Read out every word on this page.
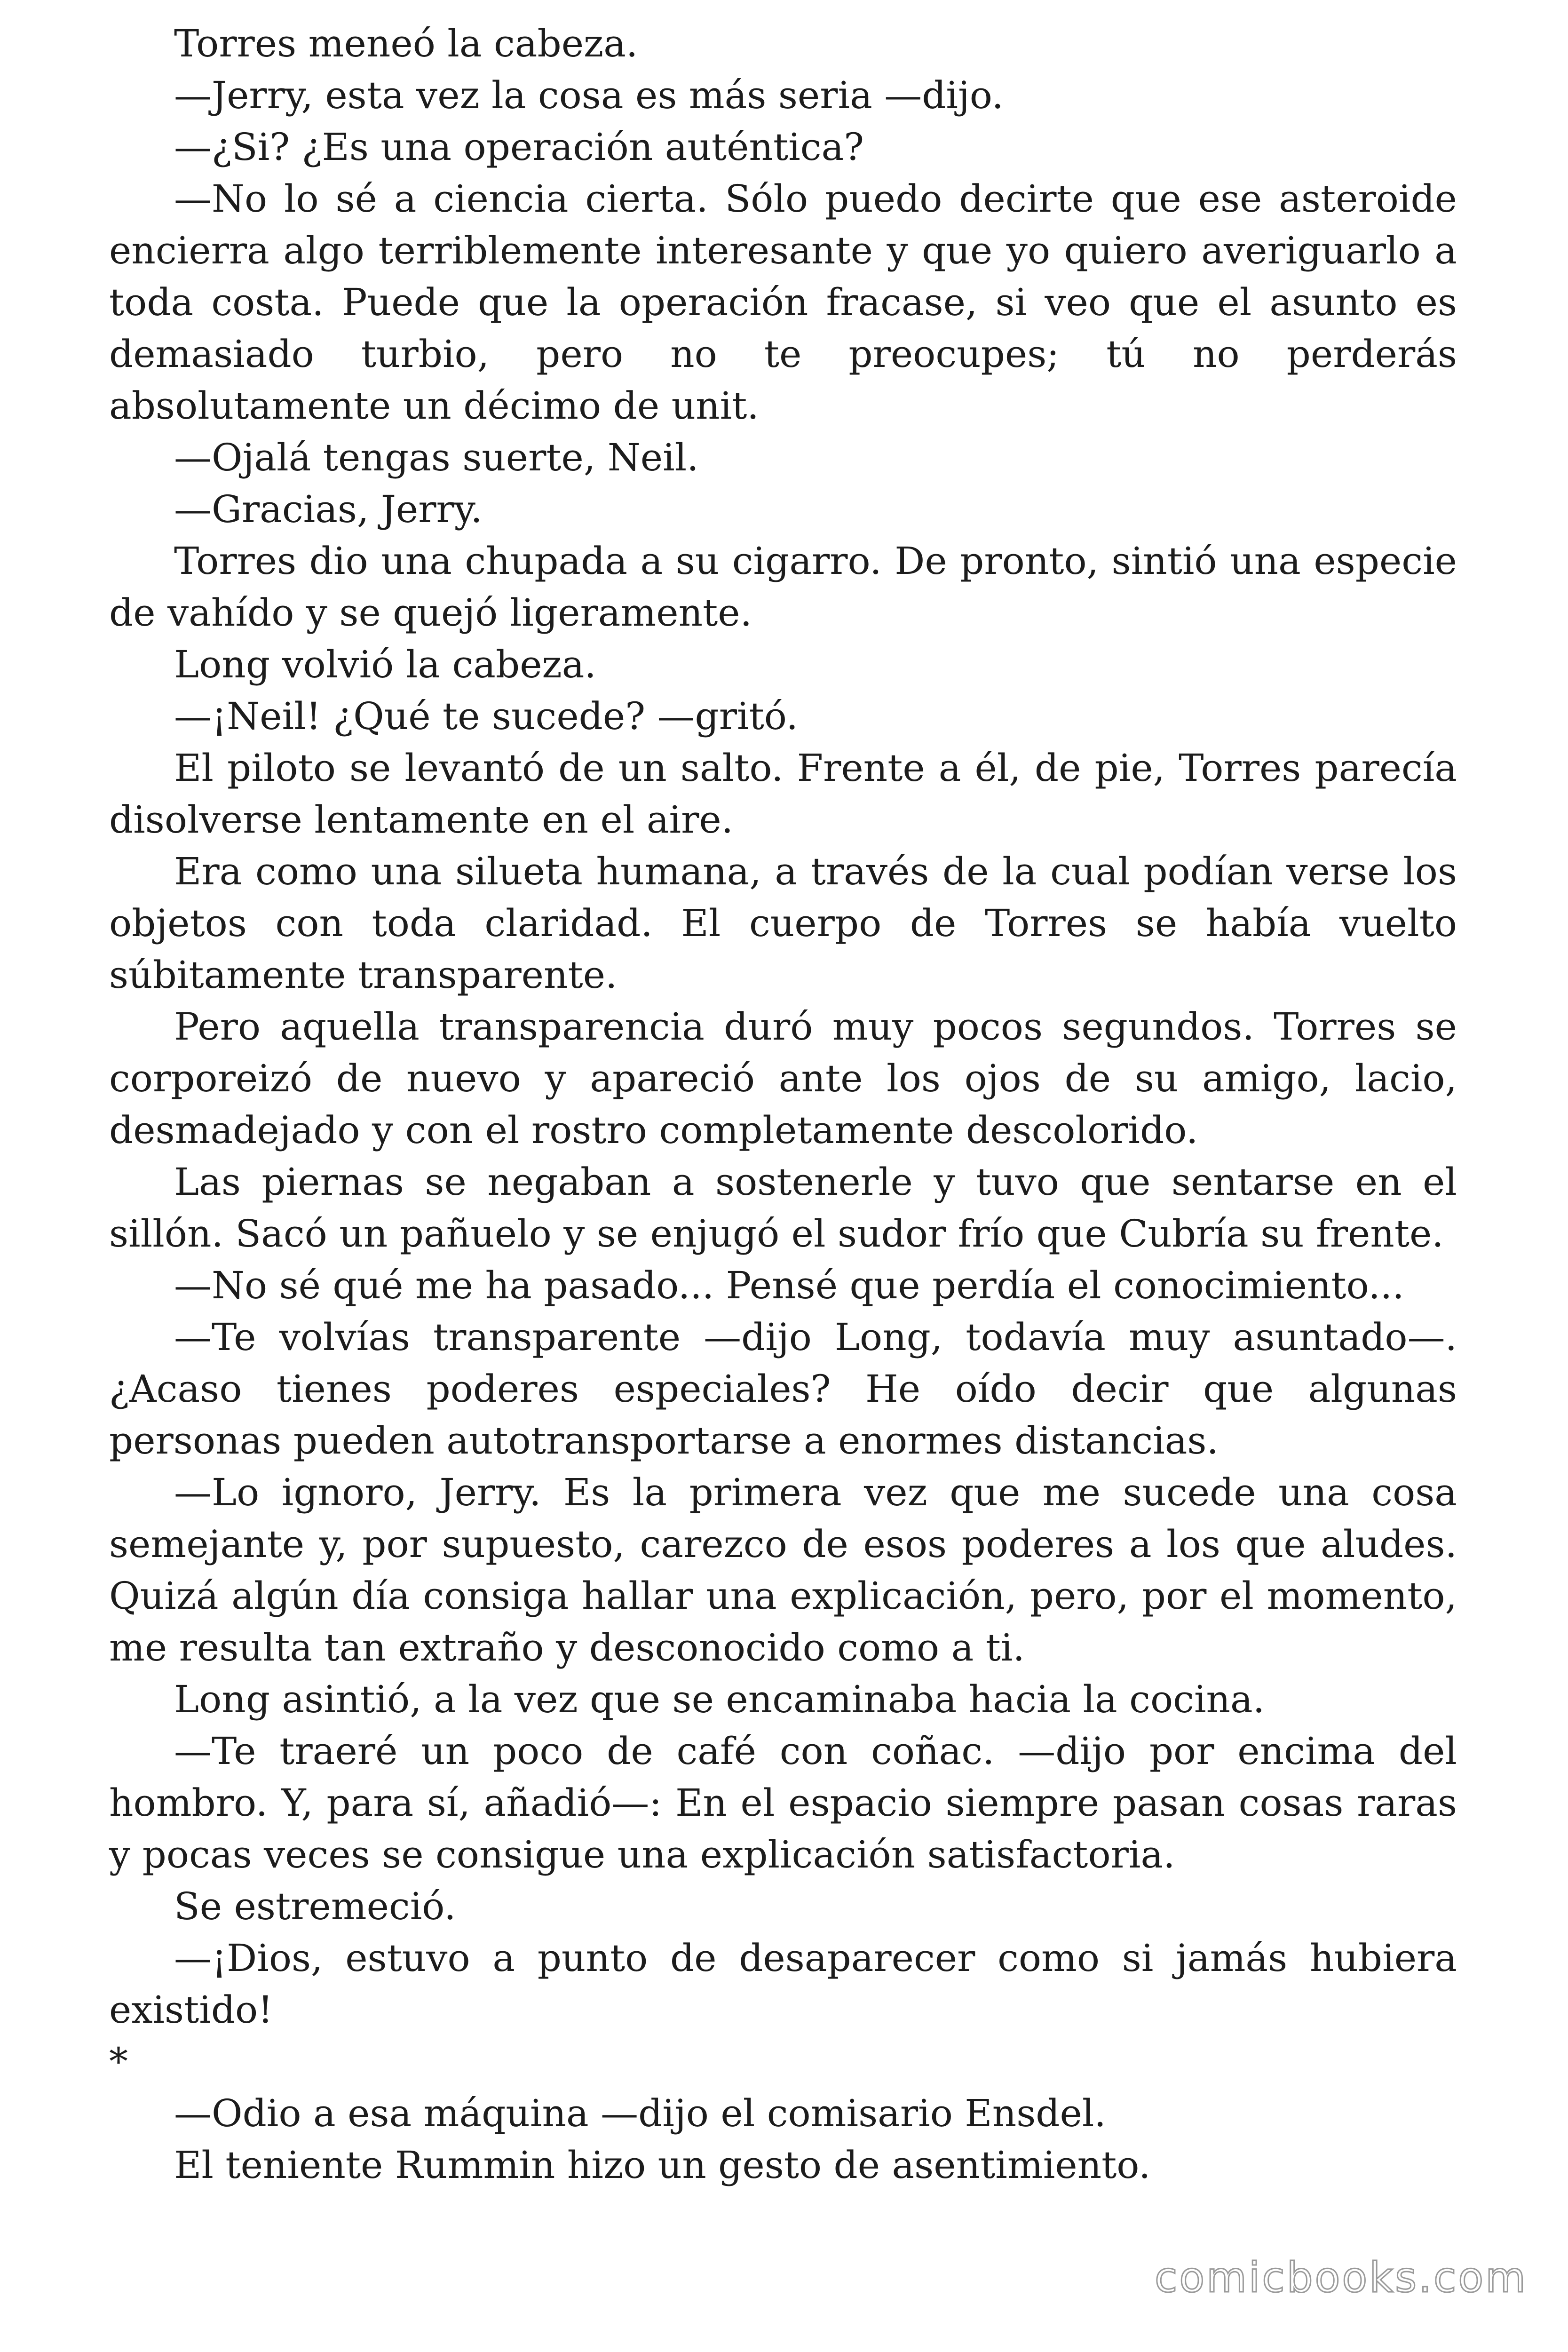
Torres meneó la cabeza.

—Jerry, esta vez la cosa es más seria —dijo.

—¿Si? ¿Es una operación auténtica?

—No lo sé a ciencia cierta. Sólo puedo decirte que ese asteroide encierra algo terriblemente interesante y que yo quiero averiguarlo a toda costa. Puede que la operación fracase, si veo que el asunto es demasiado turbio, pero no te preocupes; tú no perderás absolutamente un décimo de unit.

—Ojalá tengas suerte, Neil.

—Gracias, Jerry.

Torres dio una chupada a su cigarro. De pronto, sintió una especie de vahído y se quejó ligeramente.

Long volvió la cabeza.

—¡Neil! ¿Qué te sucede? —gritó.

El piloto se levantó de un salto. Frente a él, de pie, Torres parecía disolverse lentamente en el aire.

Era como una silueta humana, a través de la cual podían verse los objetos con toda claridad. El cuerpo de Torres se había vuelto súbitamente transparente.

Pero aquella transparencia duró muy pocos segundos. Torres se corporeizó de nuevo y apareció ante los ojos de su amigo, lacio, desmadejado y con el rostro completamente descolorido.

Las piernas se negaban a sostenerle y tuvo que sentarse en el sillón. Sacó un pañuelo y se enjugó el sudor frío que Cubría su frente.

—No sé qué me ha pasado... Pensé que perdía el conocimiento...

—Te volvías transparente —dijo Long, todavía muy asuntado—. ¿Acaso tienes poderes especiales? He oído decir que algunas personas pueden autotransportarse a enormes distancias.

—Lo ignoro, Jerry. Es la primera vez que me sucede una cosa semejante y, por supuesto, carezco de esos poderes a los que aludes. Quizá algún día consiga hallar una explicación, pero, por el momento, me resulta tan extraño y desconocido como a ti.

Long asintió, a la vez que se encaminaba hacia la cocina.

—Te traeré un poco de café con coñac. —dijo por encima del hombro. Y, para sí, añadió—: En el espacio siempre pasan cosas raras y pocas veces se consigue una explicación satisfactoria.

Se estremeció.

—¡Dios, estuvo a punto de desaparecer como si jamás hubiera existido!

*

—Odio a esa máquina —dijo el comisario Ensdel.

El teniente Rummin hizo un gesto de asentimiento.

comicbooks.com
